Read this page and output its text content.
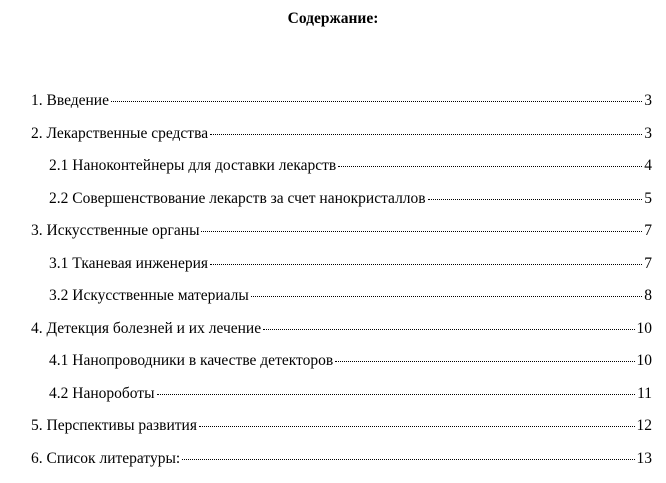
Содержание:
1. Введение	3
2. Лекарственные средства	3
2.1 Наноконтейнеры для доставки лекарств	4
2.2 Совершенствование лекарств за счет нанокристаллов	5
3. Искусственные органы	7
3.1 Тканевая инженерия	7
3.2 Искусственные материалы	8
4. Детекция болезней и их лечение	10
4.1 Нанопроводники в качестве детекторов	10
4.2 Нанороботы	11
5. Перспективы развития	12
6. Список литературы:	13
